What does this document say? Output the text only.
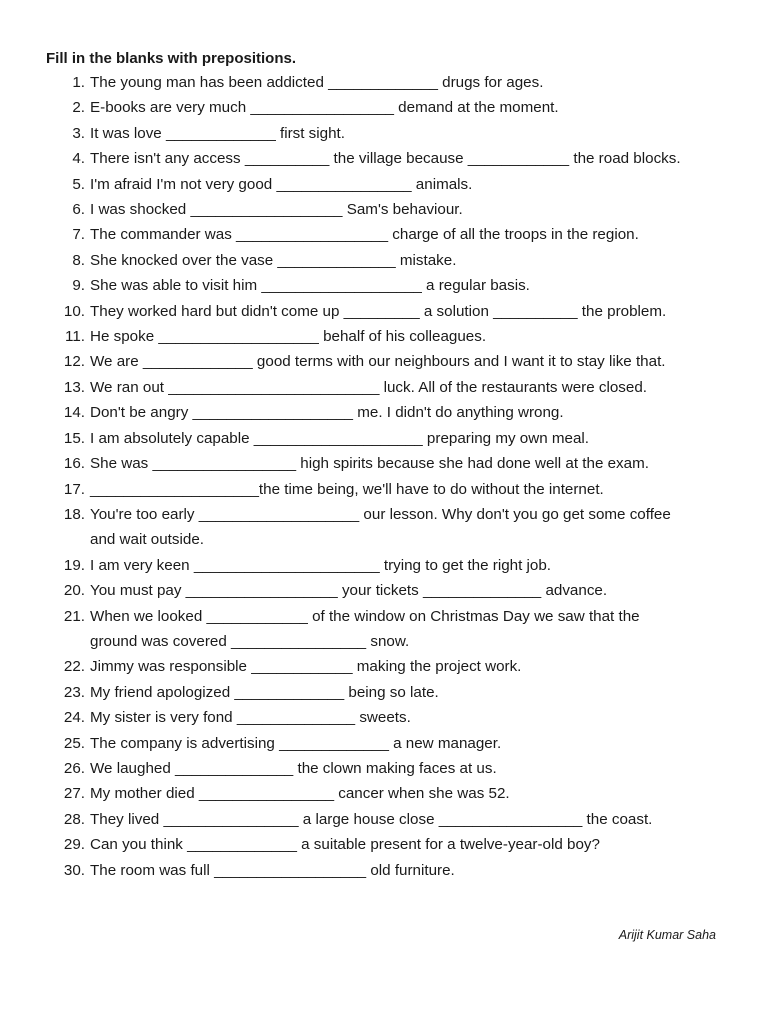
Fill in the blanks with prepositions.
1. The young man has been addicted _____________ drugs for ages.
2. E-books are very much _________________ demand at the moment.
3. It was love _____________ first sight.
4. There isn't any access __________ the village because ____________ the road blocks.
5. I'm afraid I'm not very good ________________ animals.
6. I was shocked __________________ Sam's behaviour.
7. The commander was __________________ charge of all the troops in the region.
8. She knocked over the vase ______________ mistake.
9. She was able to visit him ___________________ a regular basis.
10. They worked hard but didn't come up _________ a solution __________ the problem.
11. He spoke ___________________ behalf of his colleagues.
12. We are _____________ good terms with our neighbours and I want it to stay like that.
13. We ran out _________________________ luck. All of the restaurants were closed.
14. Don't be angry ___________________ me. I didn't do anything wrong.
15. I am absolutely capable ____________________ preparing my own meal.
16. She was _________________ high spirits because she had done well at the exam.
17. ____________________the time being, we'll have to do without the internet.
18. You're too early ___________________ our lesson. Why don't you go get some coffee
and wait outside.
19. I am very keen ______________________ trying to get the right job.
20. You must pay __________________ your tickets ______________ advance.
21. When we looked ____________ of the window on Christmas Day we saw that the
ground was covered ________________ snow.
22. Jimmy was responsible ____________ making the project work.
23. My friend apologized _____________ being so late.
24. My sister is very fond ______________ sweets.
25. The company is advertising _____________ a new manager.
26. We laughed ______________ the clown making faces at us.
27. My mother died ________________ cancer when she was 52.
28. They lived ________________ a large house close _________________ the coast.
29. Can you think _____________ a suitable present for a twelve-year-old boy?
30. The room was full __________________ old furniture.
Arijit Kumar Saha
